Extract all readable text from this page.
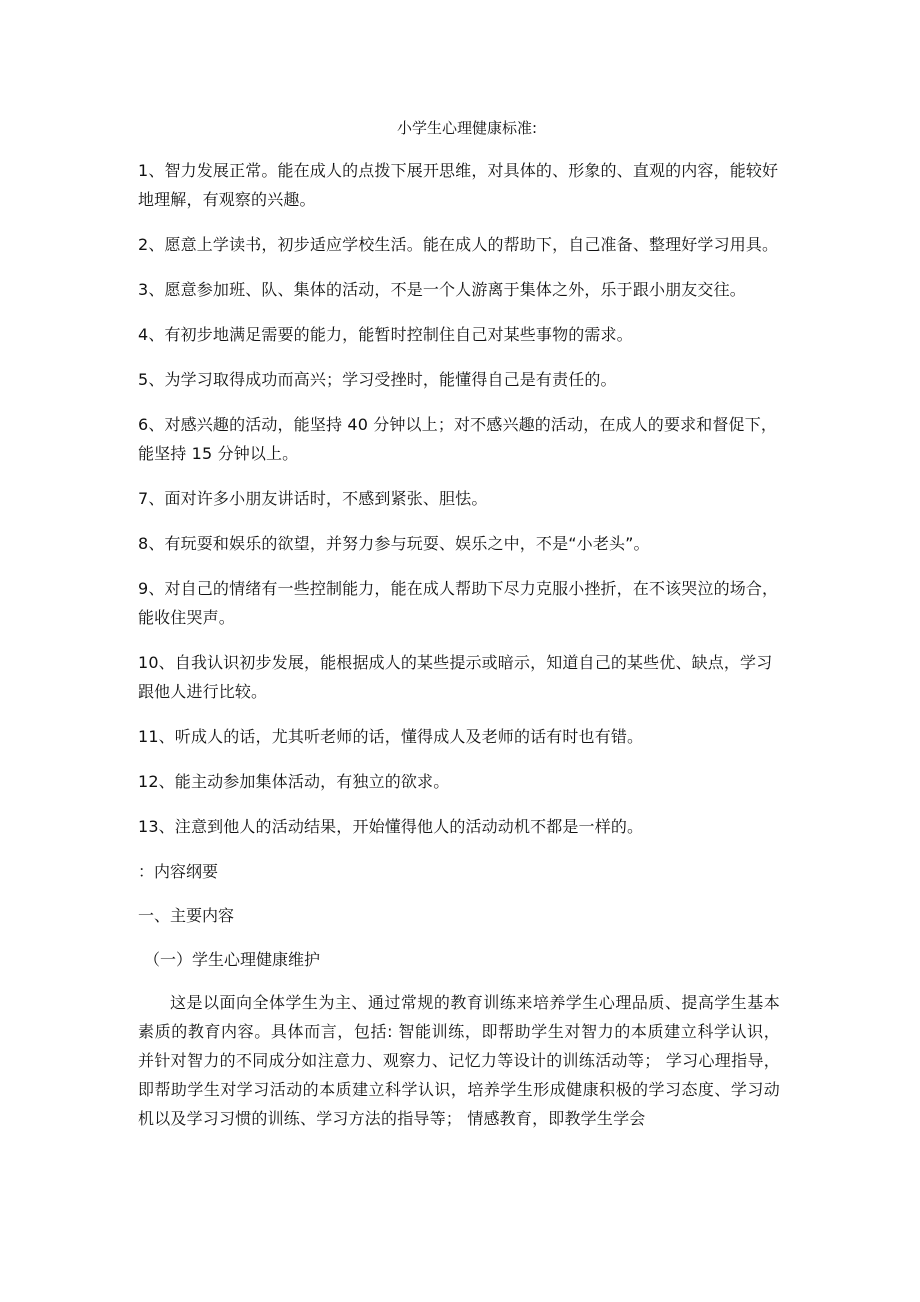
小学生心理健康标准:

1、智力发展正常。能在成人的点拨下展开思维，对具体的、形象的、直观的内容，能较好地理解，有观察的兴趣。

2、愿意上学读书，初步适应学校生活。能在成人的帮助下，自己准备、整理好学习用具。

3、愿意参加班、队、集体的活动，不是一个人游离于集体之外，乐于跟小朋友交往。

4、有初步地满足需要的能力，能暂时控制住自己对某些事物的需求。

5、为学习取得成功而高兴；学习受挫时，能懂得自己是有责任的。

6、对感兴趣的活动，能坚持 40 分钟以上；对不感兴趣的活动，在成人的要求和督促下，能坚持 15 分钟以上。

7、面对许多小朋友讲话时，不感到紧张、胆怯。

8、有玩耍和娱乐的欲望，并努力参与玩耍、娱乐之中，不是“小老头”。

9、对自己的情绪有一些控制能力，能在成人帮助下尽力克服小挫折，在不该哭泣的场合，能收住哭声。

10、自我认识初步发展，能根据成人的某些提示或暗示，知道自己的某些优、缺点，学习跟他人进行比较。

11、听成人的话，尤其听老师的话，懂得成人及老师的话有时也有错。

12、能主动参加集体活动，有独立的欲求。

13、注意到他人的活动结果，开始懂得他人的活动动机不都是一样的。

：内容纲要
一、主要内容
（一）学生心理健康维护

这是以面向全体学生为主、通过常规的教育训练来培养学生心理品质、提高学生基本素质的教育内容。具体而言，包括: 智能训练，即帮助学生对智力的本质建立科学认识，并针对智力的不同成分如注意力、观察力、记忆力等设计的训练活动等； 学习心理指导，即帮助学生对学习活动的本质建立科学认识，培养学生形成健康积极的学习态度、学习动机以及学习习惯的训练、学习方法的指导等； 情感教育，即教学生学会
